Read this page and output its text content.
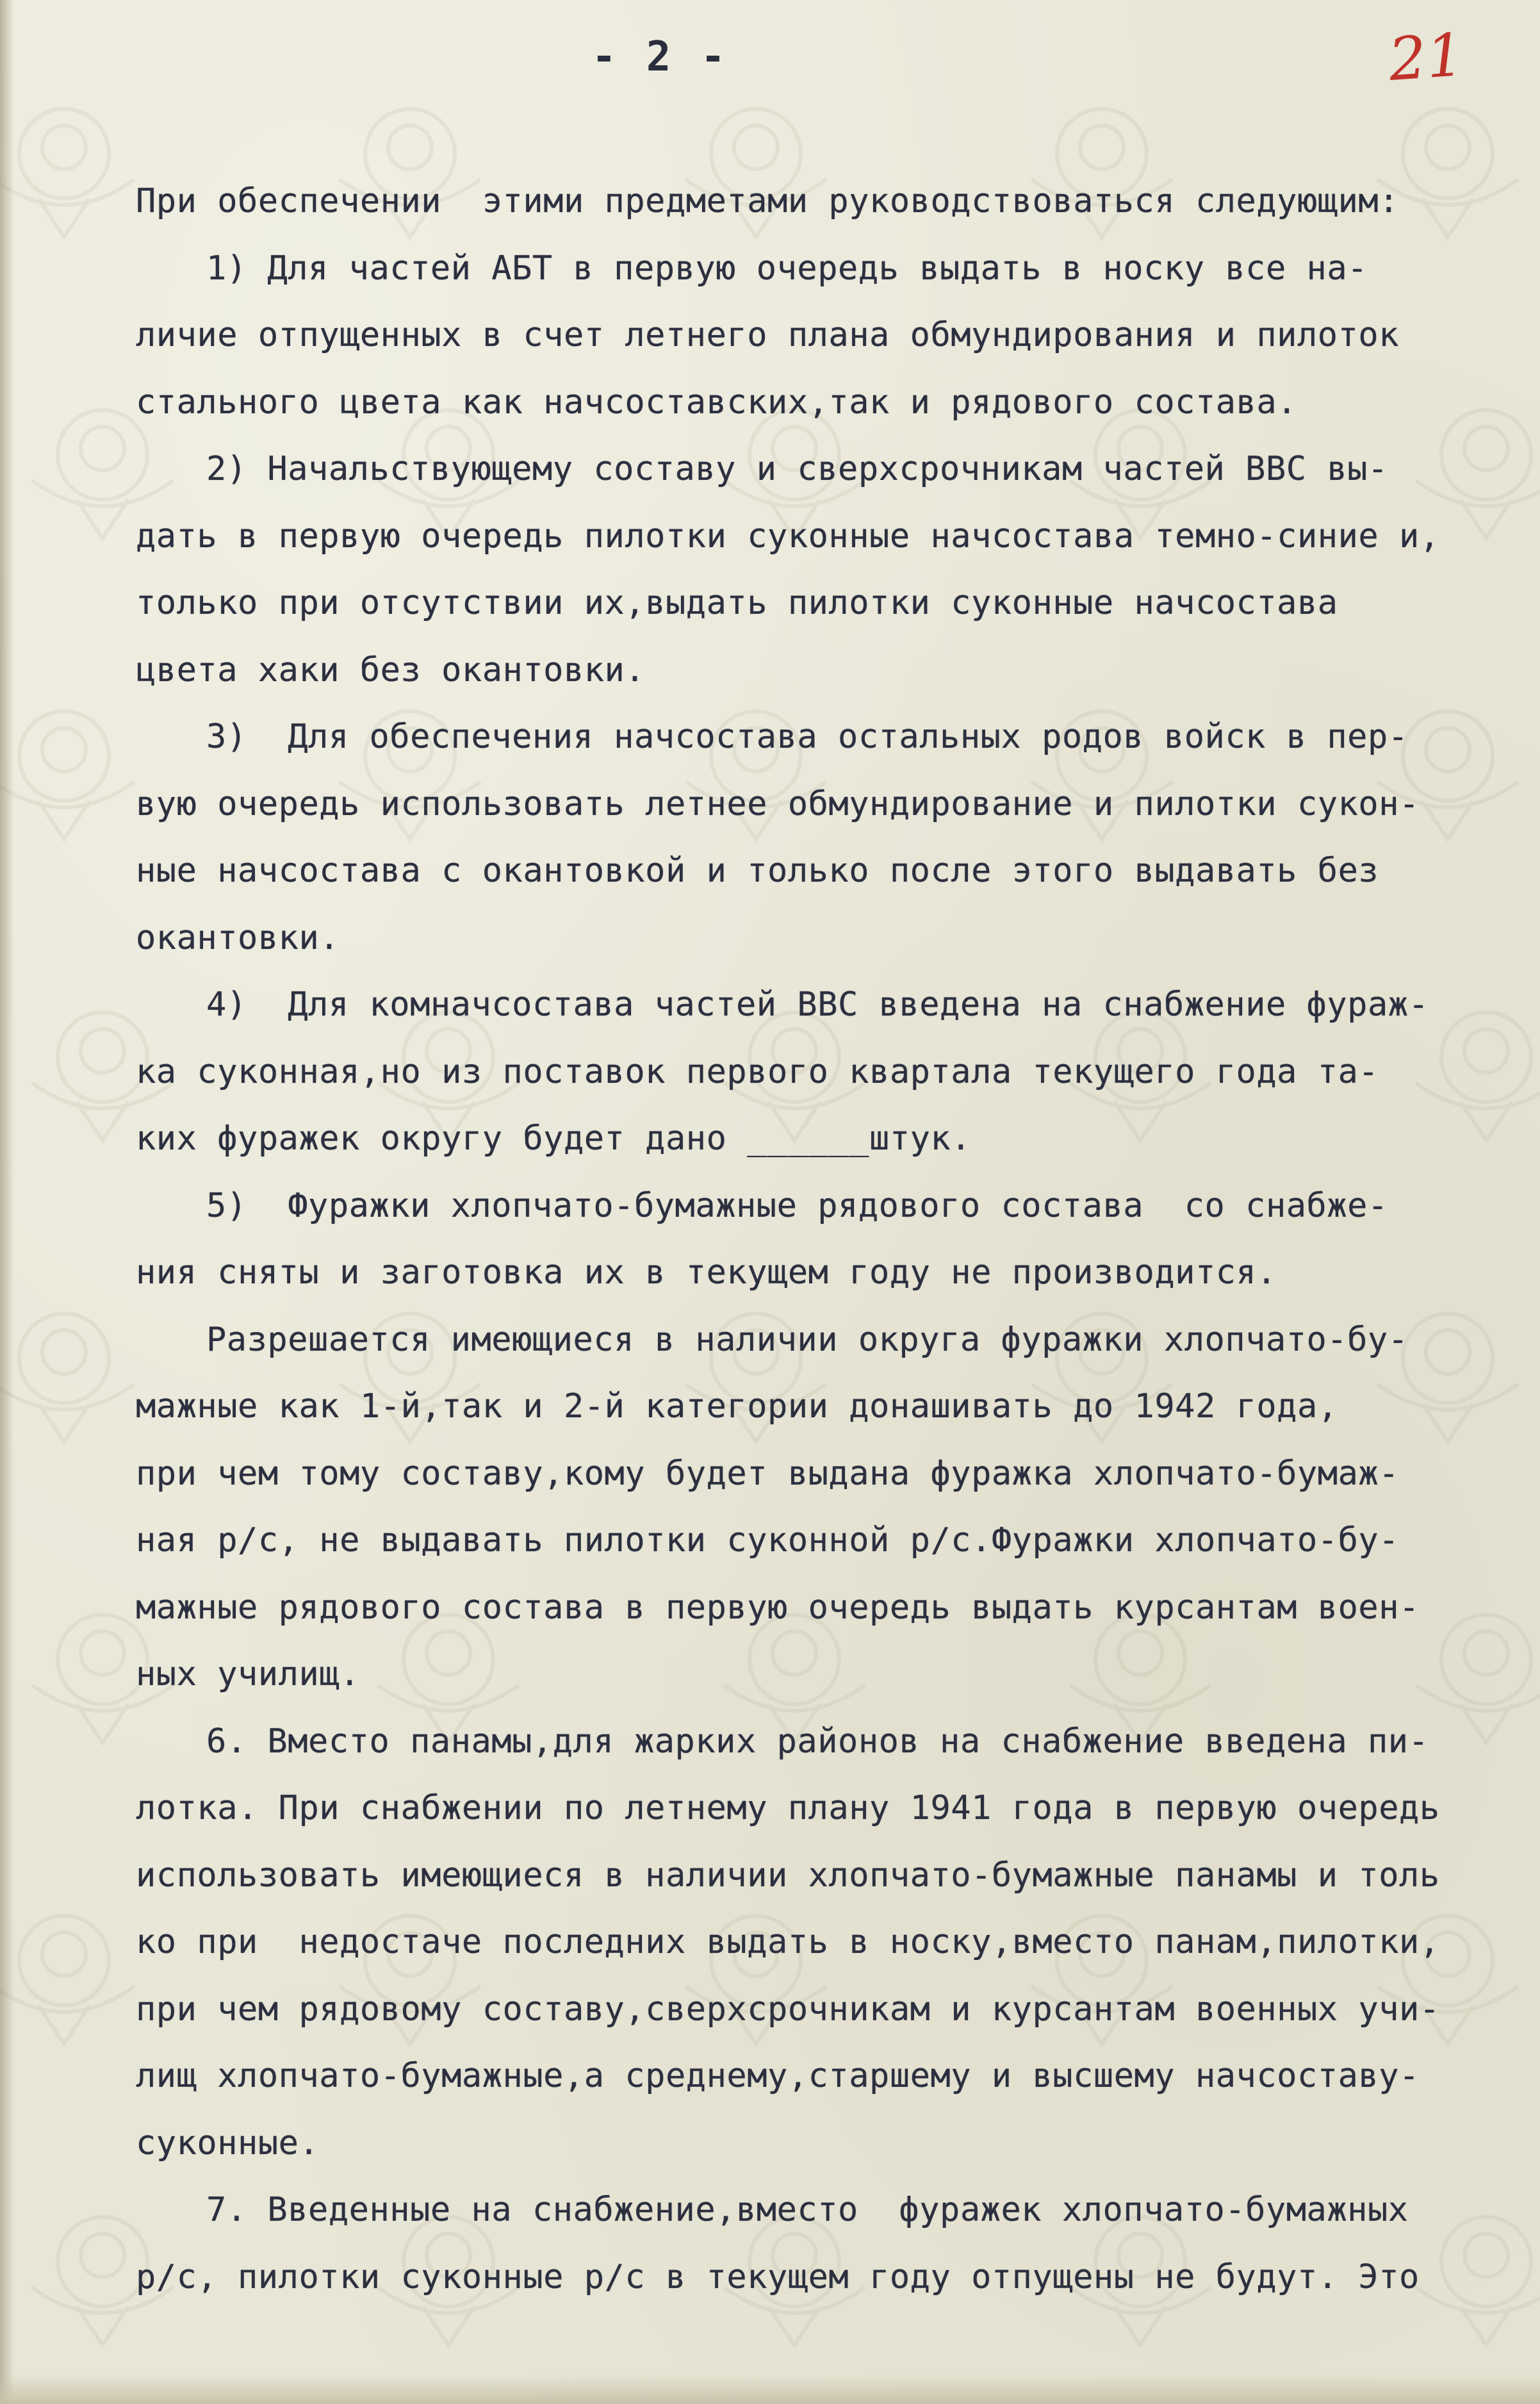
- 2 -	21
При обеспечении  этими предметами руководствоваться следующим:
1) Для частей АБТ в первую очередь выдать в носку все на-
личие отпущенных в счет летнего плана обмундирования и пилоток
стального цвета как начсоставских,так и рядового состава.
2) Начальствующему составу и сверхсрочникам частей ВВС вы-
дать в первую очередь пилотки суконные начсостава темно-синие и,
только при отсутствии их,выдать пилотки суконные начсостава
цвета хаки без окантовки.
3)  Для обеспечения начсостава остальных родов войск в пер-
вую очередь использовать летнее обмундирование и пилотки сукон-
ные начсостава с окантовкой и только после этого выдавать без
окантовки.
4)  Для комначсостава частей ВВС введена на снабжение фураж-
ка суконная,но из поставок первого квартала текущего года та-
ких фуражек округу будет дано ______штук.
5)  Фуражки хлопчато-бумажные рядового состава  со снабже-
ния сняты и заготовка их в текущем году не производится.
Разрешается имеющиеся в наличии округа фуражки хлопчато-бу-
мажные как 1-й,так и 2-й категории донашивать до 1942 года,
при чем тому составу,кому будет выдана фуражка хлопчато-бумаж-
ная р/с, не выдавать пилотки суконной р/с.Фуражки хлопчато-бу-
мажные рядового состава в первую очередь выдать курсантам воен-
ных училищ.
6. Вместо панамы,для жарких районов на снабжение введена пи-
лотка. При снабжении по летнему плану 1941 года в первую очередь
использовать имеющиеся в наличии хлопчато-бумажные панамы и толь
ко при  недостаче последних выдать в носку,вместо панам,пилотки,
при чем рядовому составу,сверхсрочникам и курсантам военных учи-
лищ хлопчато-бумажные,а среднему,старшему и высшему начсоставу-
суконные.
7. Введенные на снабжение,вместо  фуражек хлопчато-бумажных
р/с, пилотки суконные р/с в текущем году отпущены не будут. Это
